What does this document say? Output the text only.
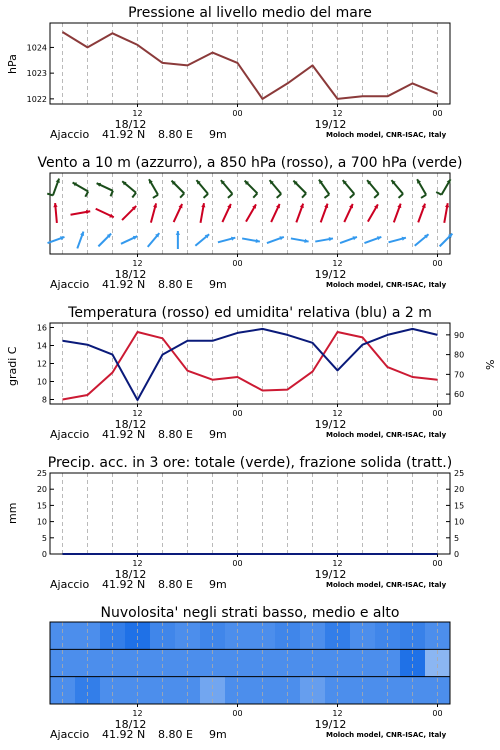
Pressione al livello medio del mare
12
18/12
00	12
19/12
00
1022
1023
1024
hPa
Vento a 10 m (azzurro), a 850 hPa (rosso), a 700 hPa (verde)
12
18/12
00	12
19/12
00
Temperatura (rosso) ed umidita' relativa (blu) a 2 m
12
18/12
00	12
19/12
00
8
10
12
14
16
60
70
80
90
gradi C	%
Precip. acc. in 3 ore: totale (verde), frazione solida (tratt.)
12
18/12
00	12
19/12
00
0
5
10
15
20
25
0
5
10
15
20
25
mm
Nuvolosita' negli strati basso, medio e alto
12
18/12
00	12
19/12
00
Ajaccio 41.92 N 8.80 E 9m	Moloch model, CNR-ISAC, Italy
Ajaccio 41.92 N 8.80 E 9m	Moloch model, CNR-ISAC, Italy
Ajaccio 41.92 N 8.80 E 9m	Moloch model, CNR-ISAC, Italy
Ajaccio 41.92 N 8.80 E 9m	Moloch model, CNR-ISAC, Italy
Ajaccio 41.92 N 8.80 E 9m	Moloch model, CNR-ISAC, Italy
